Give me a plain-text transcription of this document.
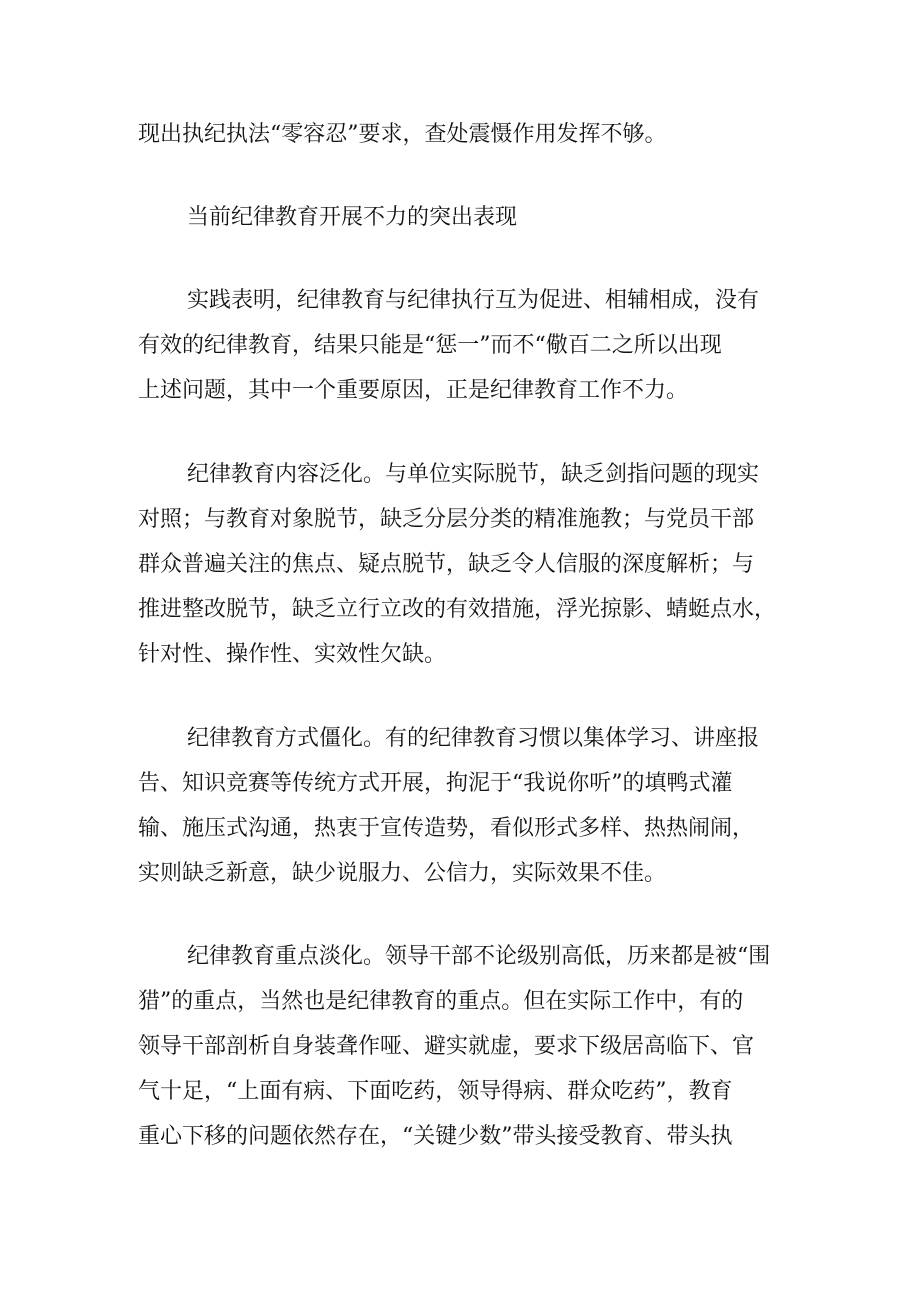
现出执纪执法“零容忍”要求，查处震慑作用发挥不够。
当前纪律教育开展不力的突出表现
实践表明，纪律教育与纪律执行互为促进、相辅相成，没有
有效的纪律教育，结果只能是“惩一”而不“儆百二之所以出现
上述问题，其中一个重要原因，正是纪律教育工作不力。
纪律教育内容泛化。与单位实际脱节，缺乏剑指问题的现实
对照；与教育对象脱节，缺乏分层分类的精准施教；与党员干部
群众普遍关注的焦点、疑点脱节，缺乏令人信服的深度解析；与
推进整改脱节，缺乏立行立改的有效措施，浮光掠影、蜻蜓点水，
针对性、操作性、实效性欠缺。
纪律教育方式僵化。有的纪律教育习惯以集体学习、讲座报
告、知识竞赛等传统方式开展，拘泥于“我说你听”的填鸭式灌
输、施压式沟通，热衷于宣传造势，看似形式多样、热热闹闹，
实则缺乏新意，缺少说服力、公信力，实际效果不佳。
纪律教育重点淡化。领导干部不论级别高低，历来都是被“围
猎”的重点，当然也是纪律教育的重点。但在实际工作中，有的
领导干部剖析自身装聋作哑、避实就虚，要求下级居高临下、官
气十足，“上面有病、下面吃药，领导得病、群众吃药”，教育
重心下移的问题依然存在，“关键少数”带头接受教育、带头执
